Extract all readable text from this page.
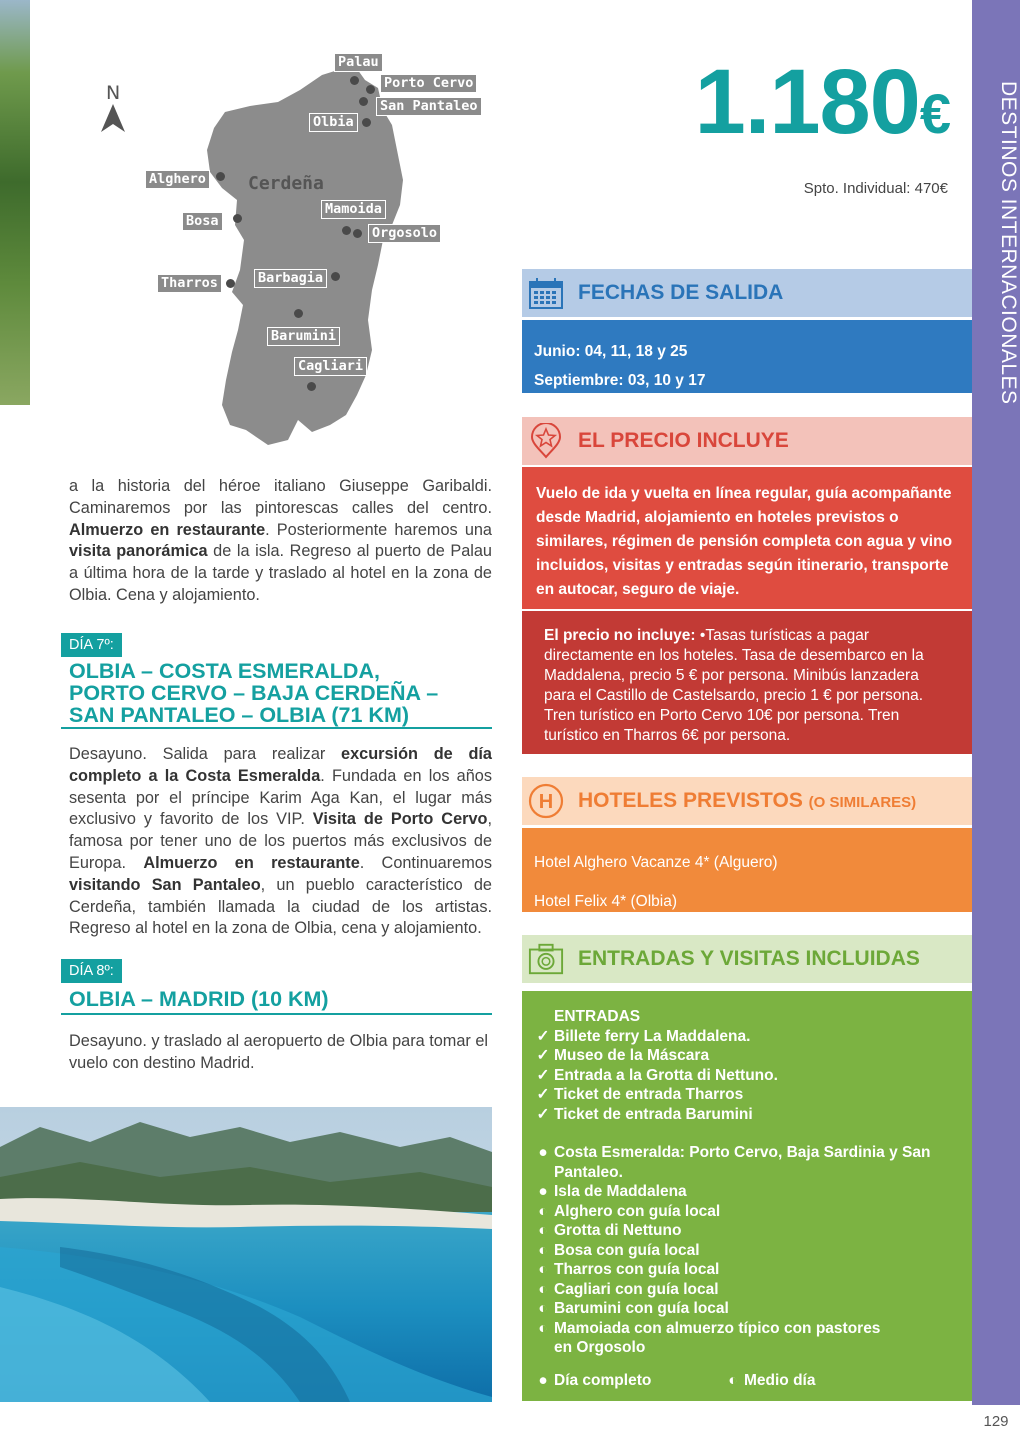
DESTINOS INTERNACIONALES
129
N
Cerdeña
Palau
Porto Cervo
San Pantaleo
Olbia
Alghero
Bosa
Mamoida
Orgosolo
Tharros	Barbagia
Barumini
Cagliari
1.180€
Spto. Individual: 470€
FECHAS DE SALIDA
Junio: 04, 11, 18 y 25
Septiembre: 03, 10 y 17
EL PRECIO INCLUYE
Vuelo de ida y vuelta en línea regular, guía acompañante desde Madrid, alojamiento en hoteles previstos o similares, régimen de pensión completa con agua y vino incluidos, visitas y entradas según itinerario, transporte en autocar, seguro de viaje.
El precio no incluye: •Tasas turísticas a pagar directamente en los hoteles. Tasa de desembarco en la Maddalena, precio 5 € por persona. Minibús lanzadera para el Castillo de Castelsardo, precio 1 € por persona. Tren turístico en Porto Cervo 10€ por persona. Tren turístico en Tharros 6€ por persona.
H HOTELES PREVISTOS (O SIMILARES)
Hotel Alghero Vacanze 4* (Alguero)
Hotel Felix 4* (Olbia)
ENTRADAS Y VISITAS INCLUIDAS
ENTRADAS
✓ Billete ferry La Maddalena.
✓ Museo de la Máscara
✓ Entrada a la Grotta di Nettuno.
✓ Ticket de entrada Tharros
✓ Ticket de entrada Barumini
● Costa Esmeralda: Porto Cervo, Baja Sardinia y San Pantaleo.
● Isla de Maddalena
◐ Alghero con guía local
◐ Grotta di Nettuno
◐ Bosa con guía local
◐ Tharros con guía local
◐ Cagliari con guía local
◐ Barumini con guía local
◐ Mamoiada con almuerzo típico con pastores en Orgosolo
● Día completo	◐ Medio día
a la historia del héroe italiano Giuseppe Garibaldi. Caminaremos por las pintorescas calles del centro. Almuerzo en restaurante. Posteriormente haremos una visita panorámica de la isla. Regreso al puerto de Palau a última hora de la tarde y traslado al hotel en la zona de Olbia. Cena y alojamiento.
DÍA 7º:
OLBIA – COSTA ESMERALDA,
PORTO CERVO – BAJA CERDEÑA –
SAN PANTALEO – OLBIA (71 KM)
Desayuno. Salida para realizar excursión de día completo a la Costa Esmeralda. Fundada en los años sesenta por el príncipe Karim Aga Kan, el lugar más exclusivo y favorito de los VIP. Visita de Porto Cervo, famosa por tener uno de los puertos más exclusivos de Europa. Almuerzo en restaurante. Continuaremos visitando San Pantaleo, un pueblo característico de Cerdeña, también llamada la ciudad de los artistas. Regreso al hotel en la zona de Olbia, cena y alojamiento.
DÍA 8º:
OLBIA – MADRID (10 KM)
Desayuno. y traslado al aeropuerto de Olbia para tomar el vuelo con destino Madrid.
